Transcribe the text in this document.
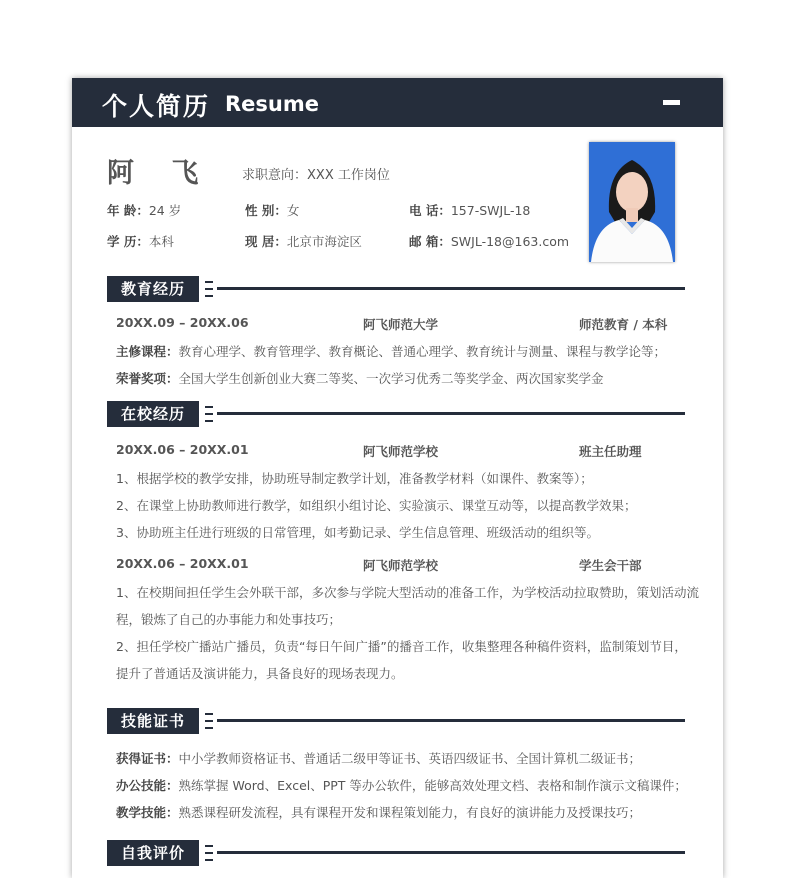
个人简历 Resume
阿 飞 求职意向：XXX 工作岗位
年 龄：24 岁	性 别：女	电 话：157-SWJL-18
学 历：本科	现 居：北京市海淀区	邮 箱：SWJL-18@163.com
教育经历
20XX.09 – 20XX.06	阿飞师范大学	师范教育 / 本科
主修课程：教育心理学、教育管理学、教育概论、普通心理学、教育统计与测量、课程与教学论等；
荣誉奖项：全国大学生创新创业大赛二等奖、一次学习优秀二等奖学金、两次国家奖学金
在校经历
20XX.06 – 20XX.01	阿飞师范学校	班主任助理
1、根据学校的教学安排，协助班导制定教学计划，准备教学材料（如课件、教案等）；
2、在课堂上协助教师进行教学，如组织小组讨论、实验演示、课堂互动等，以提高教学效果；
3、协助班主任进行班级的日常管理，如考勤记录、学生信息管理、班级活动的组织等。
20XX.06 – 20XX.01	阿飞师范学校	学生会干部
1、在校期间担任学生会外联干部，多次参与学院大型活动的准备工作，为学校活动拉取赞助，策划活动流
程，锻炼了自己的办事能力和处事技巧；
2、担任学校广播站广播员，负责“每日午间广播”的播音工作，收集整理各种稿件资料，监制策划节目，
提升了普通话及演讲能力，具备良好的现场表现力。
技能证书
获得证书：中小学教师资格证书、普通话二级甲等证书、英语四级证书、全国计算机二级证书；
办公技能：熟练掌握 Word、Excel、PPT 等办公软件，能够高效处理文档、表格和制作演示文稿课件；
教学技能：熟悉课程研发流程，具有课程开发和课程策划能力，有良好的演讲能力及授课技巧；
自我评价
